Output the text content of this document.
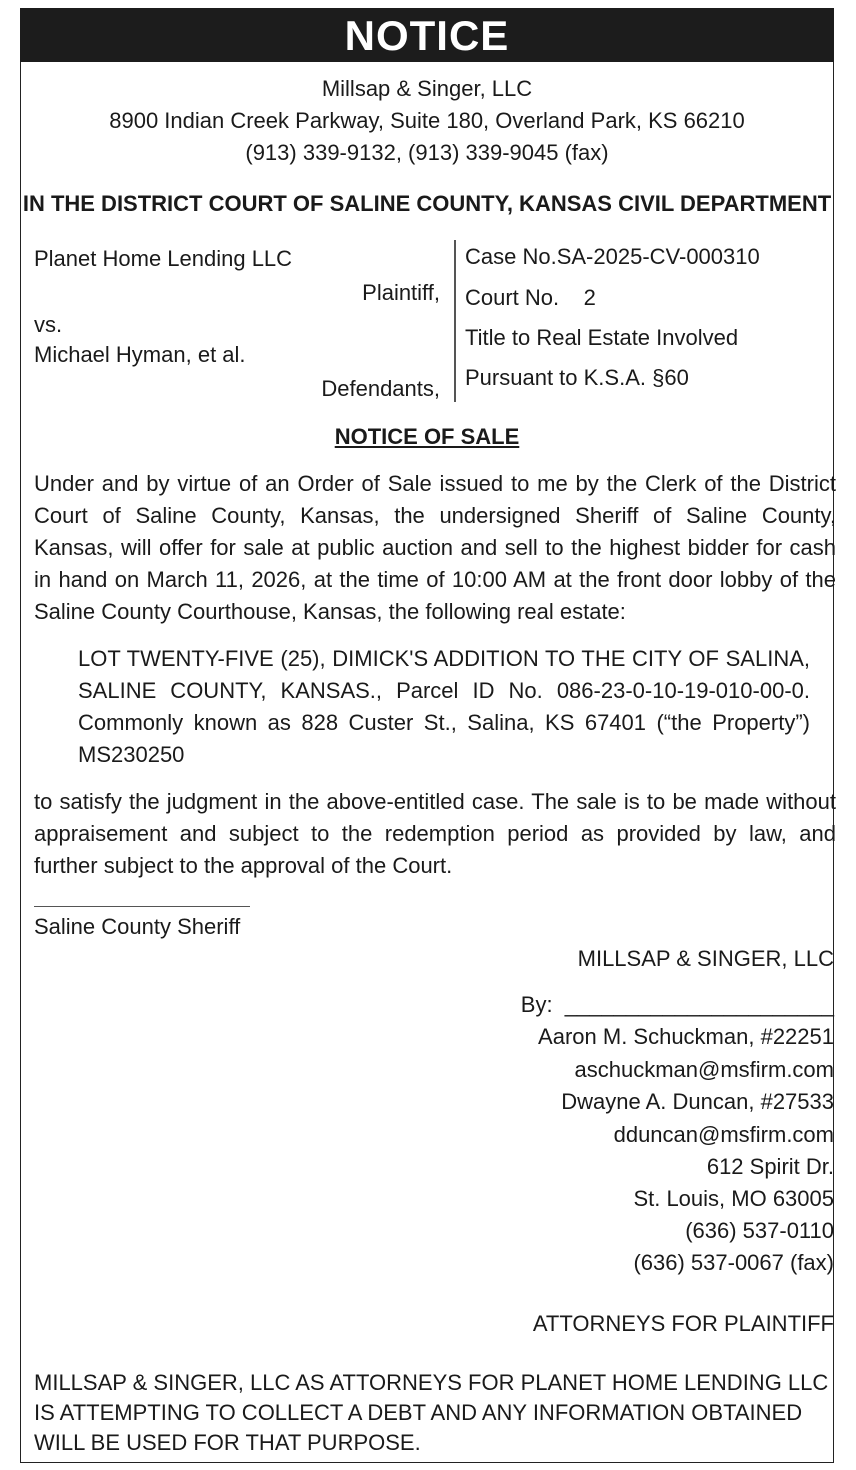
NOTICE
Millsap & Singer, LLC
8900 Indian Creek Parkway, Suite 180, Overland Park, KS 66210
(913) 339-9132, (913) 339-9045 (fax)
IN THE DISTRICT COURT OF SALINE COUNTY, KANSAS CIVIL DEPARTMENT
Planet Home Lending LLC
Plaintiff,
vs.
Michael Hyman, et al.
Defendants,
Case No.SA-2025-CV-000310
Court No.    2
Title to Real Estate Involved
Pursuant to K.S.A. §60
NOTICE OF SALE
Under and by virtue of an Order of Sale issued to me by the Clerk of the District Court of Saline County, Kansas, the undersigned Sheriff of Saline County, Kansas, will offer for sale at public auction and sell to the highest bidder for cash in hand on March 11, 2026, at the time of 10:00 AM at the front door lobby of the Saline County Courthouse, Kansas, the following real estate:
LOT TWENTY-FIVE (25), DIMICK'S ADDITION TO THE CITY OF SALINA, SALINE COUNTY, KANSAS., Parcel ID No. 086-23-0-10-19-010-00-0. Commonly known as 828 Custer St., Salina, KS 67401 (“the Property”) MS230250
to satisfy the judgment in the above-entitled case. The sale is to be made without appraisement and subject to the redemption period as provided by law, and further subject to the approval of the Court.
Saline County Sheriff
MILLSAP & SINGER, LLC
By:  ______________________
Aaron M. Schuckman, #22251
aschuckman@msfirm.com
Dwayne A. Duncan, #27533
dduncan@msfirm.com
612 Spirit Dr.
St. Louis, MO 63005
(636) 537-0110
(636) 537-0067 (fax)
ATTORNEYS FOR PLAINTIFF
MILLSAP & SINGER, LLC AS ATTORNEYS FOR PLANET HOME LENDING LLC IS ATTEMPTING TO COLLECT A DEBT AND ANY INFORMATION OBTAINED WILL BE USED FOR THAT PURPOSE.
